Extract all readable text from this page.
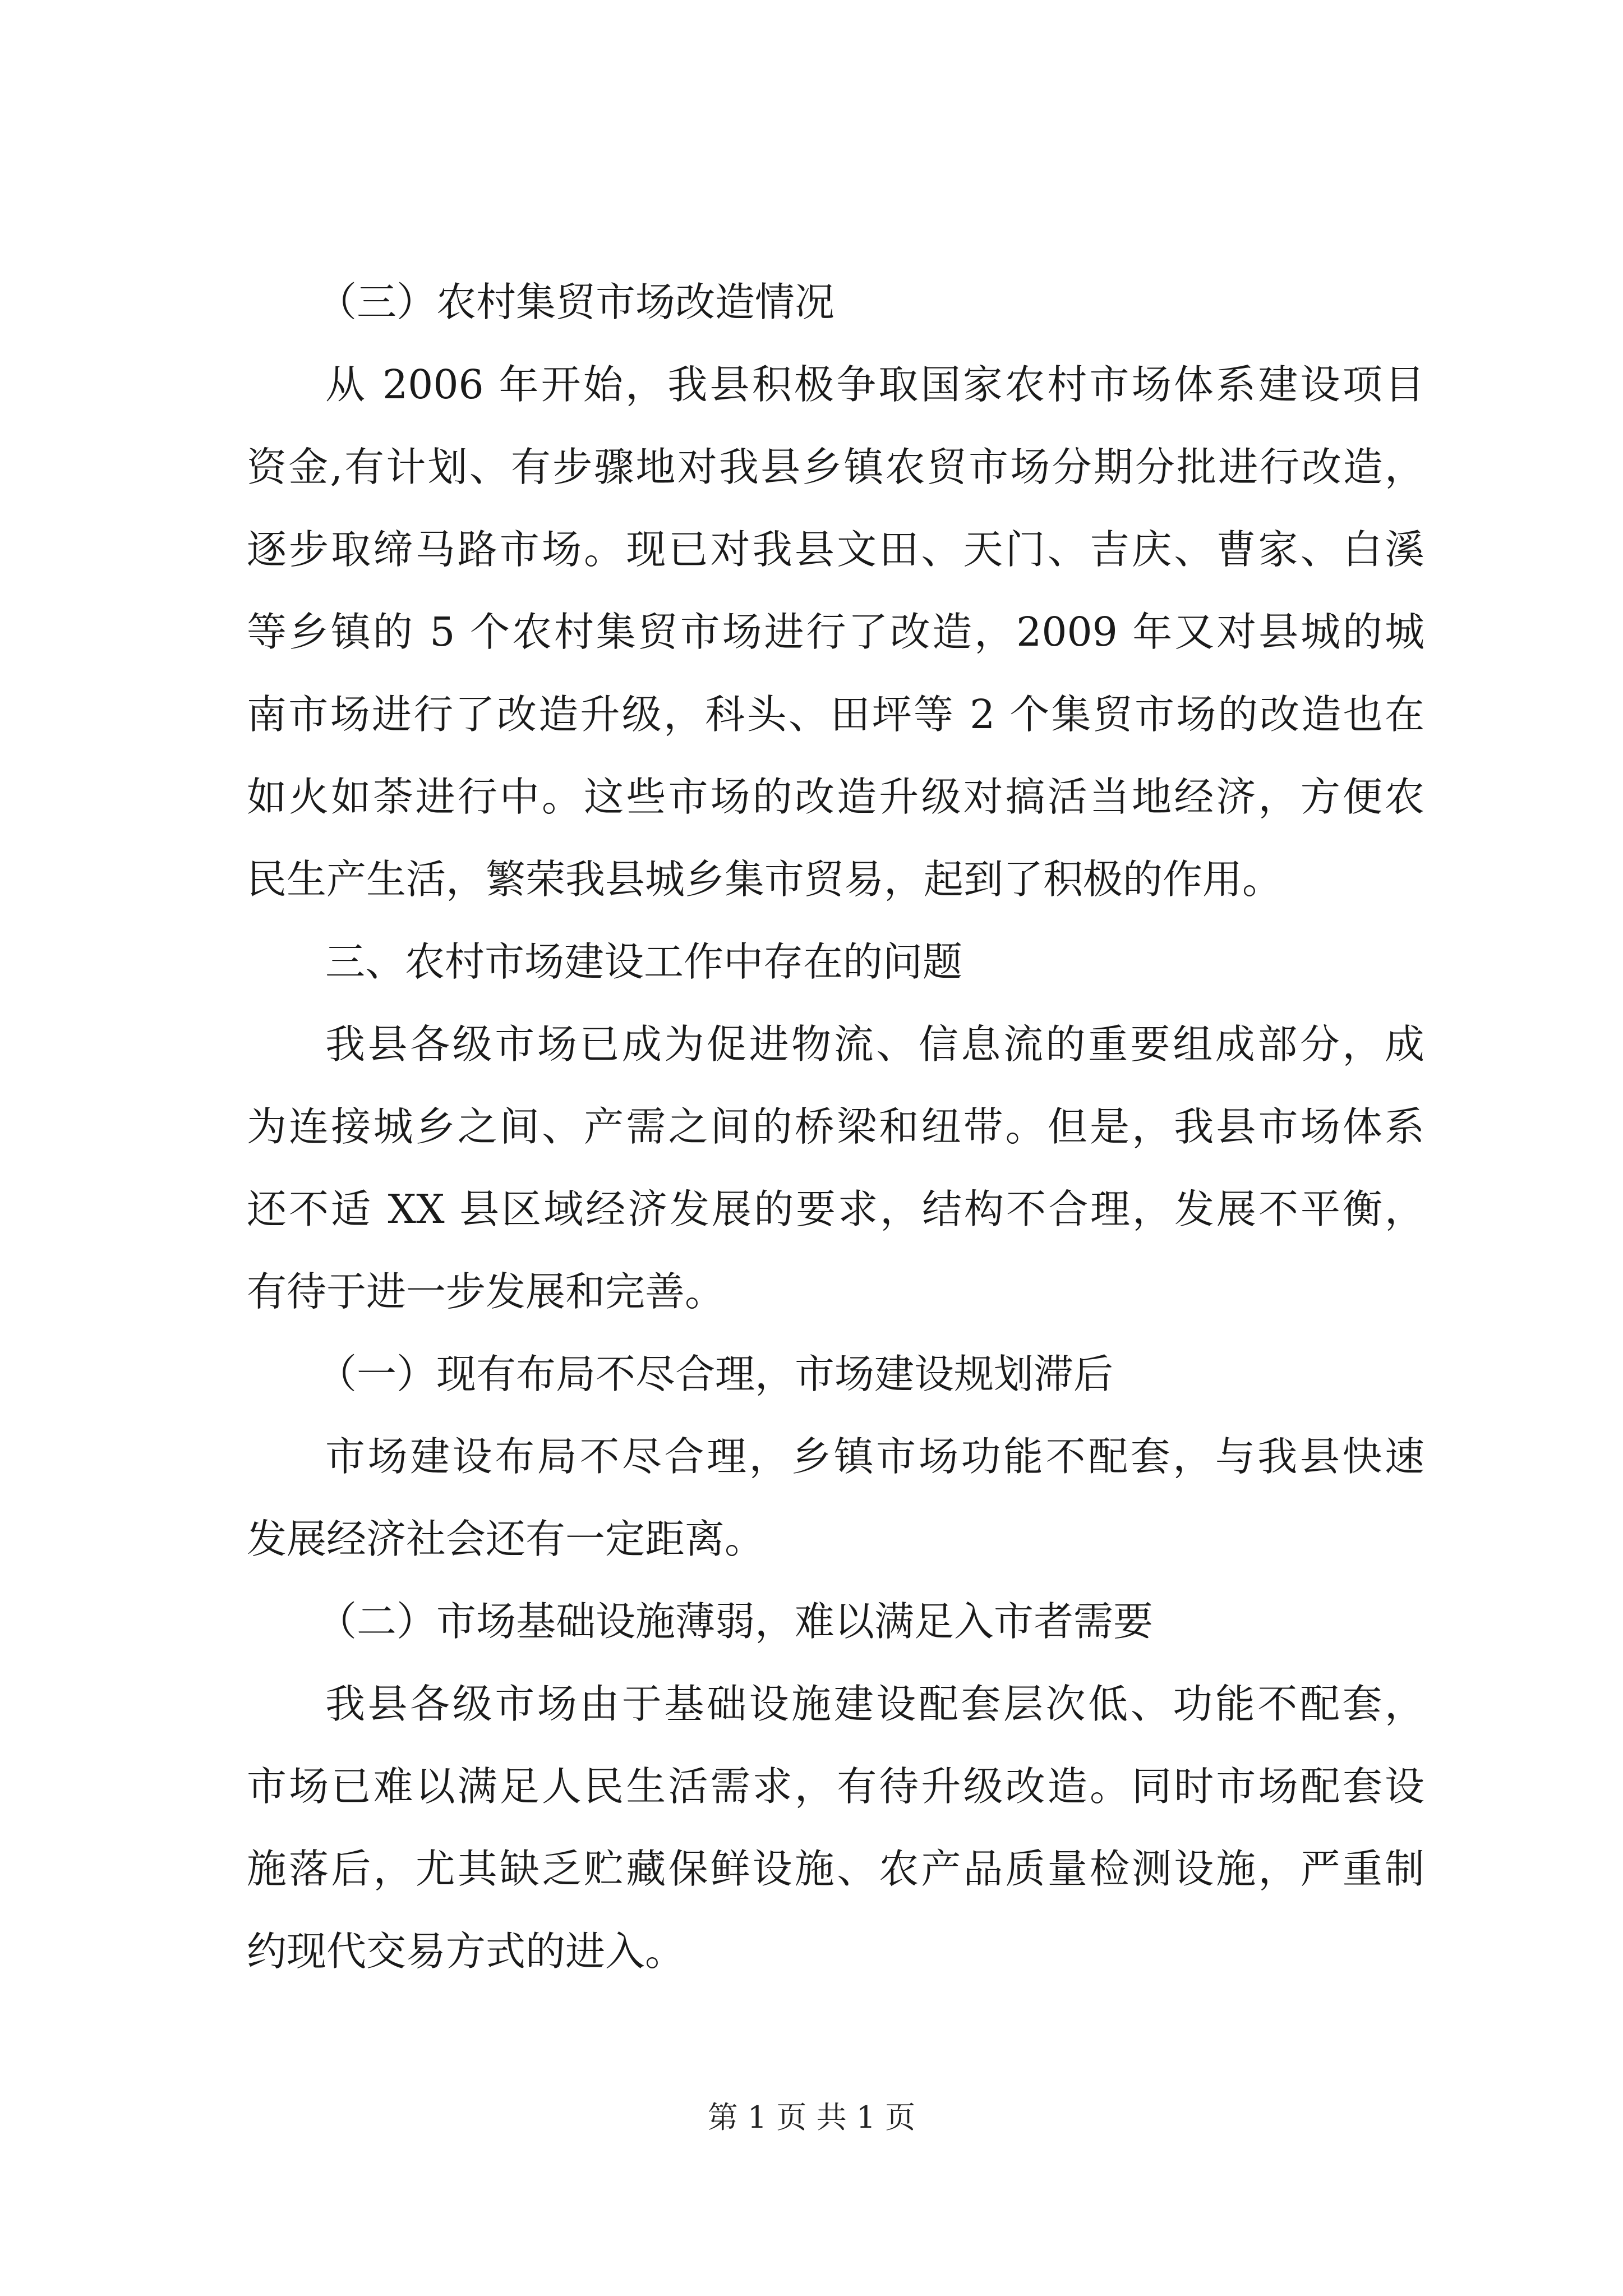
（三）农村集贸市场改造情况
从 2006 年开始，我县积极争取国家农村市场体系建设项目
资金,有计划、有步骤地对我县乡镇农贸市场分期分批进行改造，
逐步取缔马路市场。现已对我县文田、天门、吉庆、曹家、白溪
等乡镇的 5 个农村集贸市场进行了改造，2009 年又对县城的城
南市场进行了改造升级，科头、田坪等 2 个集贸市场的改造也在
如火如荼进行中。这些市场的改造升级对搞活当地经济，方便农
民生产生活，繁荣我县城乡集市贸易，起到了积极的作用。
三、农村市场建设工作中存在的问题
我县各级市场已成为促进物流、信息流的重要组成部分，成
为连接城乡之间、产需之间的桥梁和纽带。但是，我县市场体系
还不适 XX 县区域经济发展的要求，结构不合理，发展不平衡，
有待于进一步发展和完善。
（一）现有布局不尽合理，市场建设规划滞后
市场建设布局不尽合理，乡镇市场功能不配套，与我县快速
发展经济社会还有一定距离。
（二）市场基础设施薄弱，难以满足入市者需要
我县各级市场由于基础设施建设配套层次低、功能不配套，
市场已难以满足人民生活需求，有待升级改造。同时市场配套设
施落后，尤其缺乏贮藏保鲜设施、农产品质量检测设施，严重制
约现代交易方式的进入。
第 1 页 共 1 页
